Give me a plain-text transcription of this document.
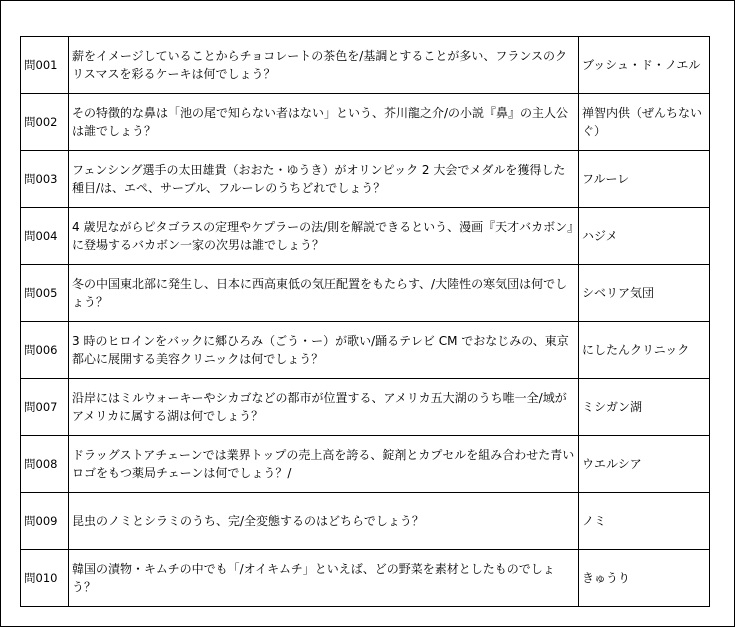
問001	薪をイメージしていることからチョコレートの茶色を/基調とすることが多い、フランスのクリスマスを彩るケーキは何でしょう？	ブッシュ・ド・ノエル
問002	その特徴的な鼻は「池の尾で知らない者はない」という、芥川龍之介/の小説『鼻』の主人公は誰でしょう？	禅智内供（ぜんちないぐ）
問003	フェンシング選手の太田雄貴（おおた・ゆうき）がオリンピック 2 大会でメダルを獲得した種目/は、エペ、サーブル、フルーレのうちどれでしょう？	フルーレ
問004	4 歳児ながらピタゴラスの定理やケプラーの法/則を解説できるという、漫画『天才バカボン』に登場するバカボン一家の次男は誰でしょう？	ハジメ
問005	冬の中国東北部に発生し、日本に西高東低の気圧配置をもたらす、/大陸性の寒気団は何でしょう？	シベリア気団
問006	3 時のヒロインをバックに郷ひろみ（ごう・ー）が歌い/踊るテレビ CM でおなじみの、東京都心に展開する美容クリニックは何でしょう？	にしたんクリニック
問007	沿岸にはミルウォーキーやシカゴなどの都市が位置する、アメリカ五大湖のうち唯一全/域がアメリカに属する湖は何でしょう？	ミシガン湖
問008	ドラッグストアチェーンでは業界トップの売上高を誇る、錠剤とカプセルを組み合わせた青いロゴをもつ薬局チェーンは何でしょう？/	ウエルシア
問009	昆虫のノミとシラミのうち、完/全変態するのはどちらでしょう？	ノミ
問010	韓国の漬物・キムチの中でも「/オイキムチ」といえば、どの野菜を素材としたものでしょう？	きゅうり
